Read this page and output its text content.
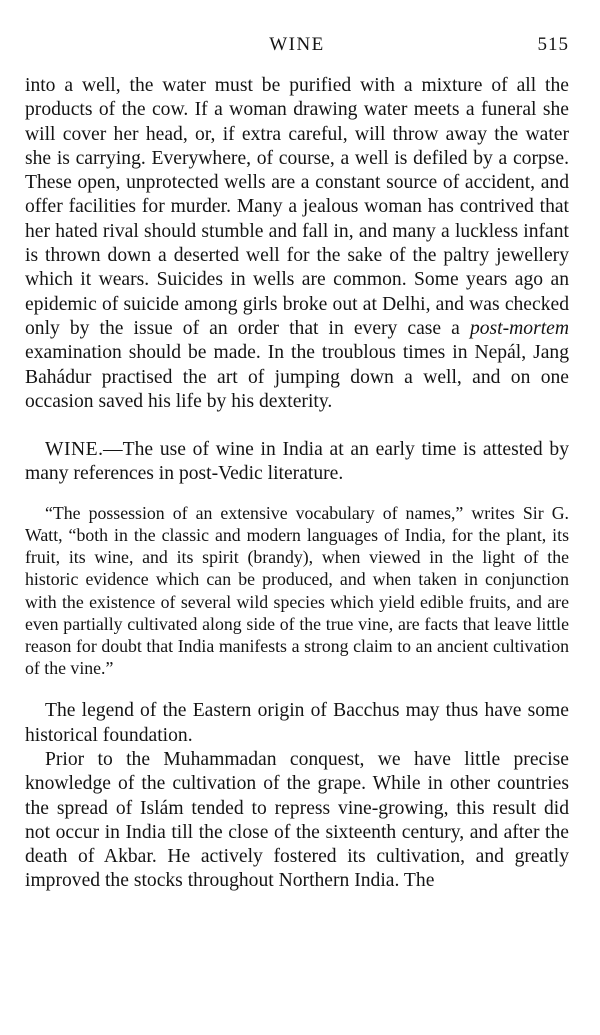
WINE	515

into a well, the water must be purified with a mixture of all the products of the cow. If a woman drawing water meets a funeral she will cover her head, or, if extra careful, will throw away the water she is carrying. Everywhere, of course, a well is defiled by a corpse. These open, unprotected wells are a constant source of accident, and offer facilities for murder. Many a jealous woman has contrived that her hated rival should stumble and fall in, and many a luckless infant is thrown down a deserted well for the sake of the paltry jewellery which it wears. Suicides in wells are common. Some years ago an epidemic of suicide among girls broke out at Delhi, and was checked only by the issue of an order that in every case a post-mortem examination should be made. In the troublous times in Nepál, Jang Bahádur practised the art of jumping down a well, and on one occasion saved his life by his dexterity.

WINE.—The use of wine in India at an early time is attested by many references in post-Vedic literature.

“The possession of an extensive vocabulary of names,” writes Sir G. Watt, “both in the classic and modern languages of India, for the plant, its fruit, its wine, and its spirit (brandy), when viewed in the light of the historic evidence which can be produced, and when taken in conjunction with the existence of several wild species which yield edible fruits, and are even partially cultivated along side of the true vine, are facts that leave little reason for doubt that India manifests a strong claim to an ancient cultivation of the vine.”

The legend of the Eastern origin of Bacchus may thus have some historical foundation.

Prior to the Muhammadan conquest, we have little precise knowledge of the cultivation of the grape. While in other countries the spread of Islám tended to repress vine-growing, this result did not occur in India till the close of the sixteenth century, and after the death of Akbar. He actively fostered its cultivation, and greatly improved the stocks throughout Northern India. The
